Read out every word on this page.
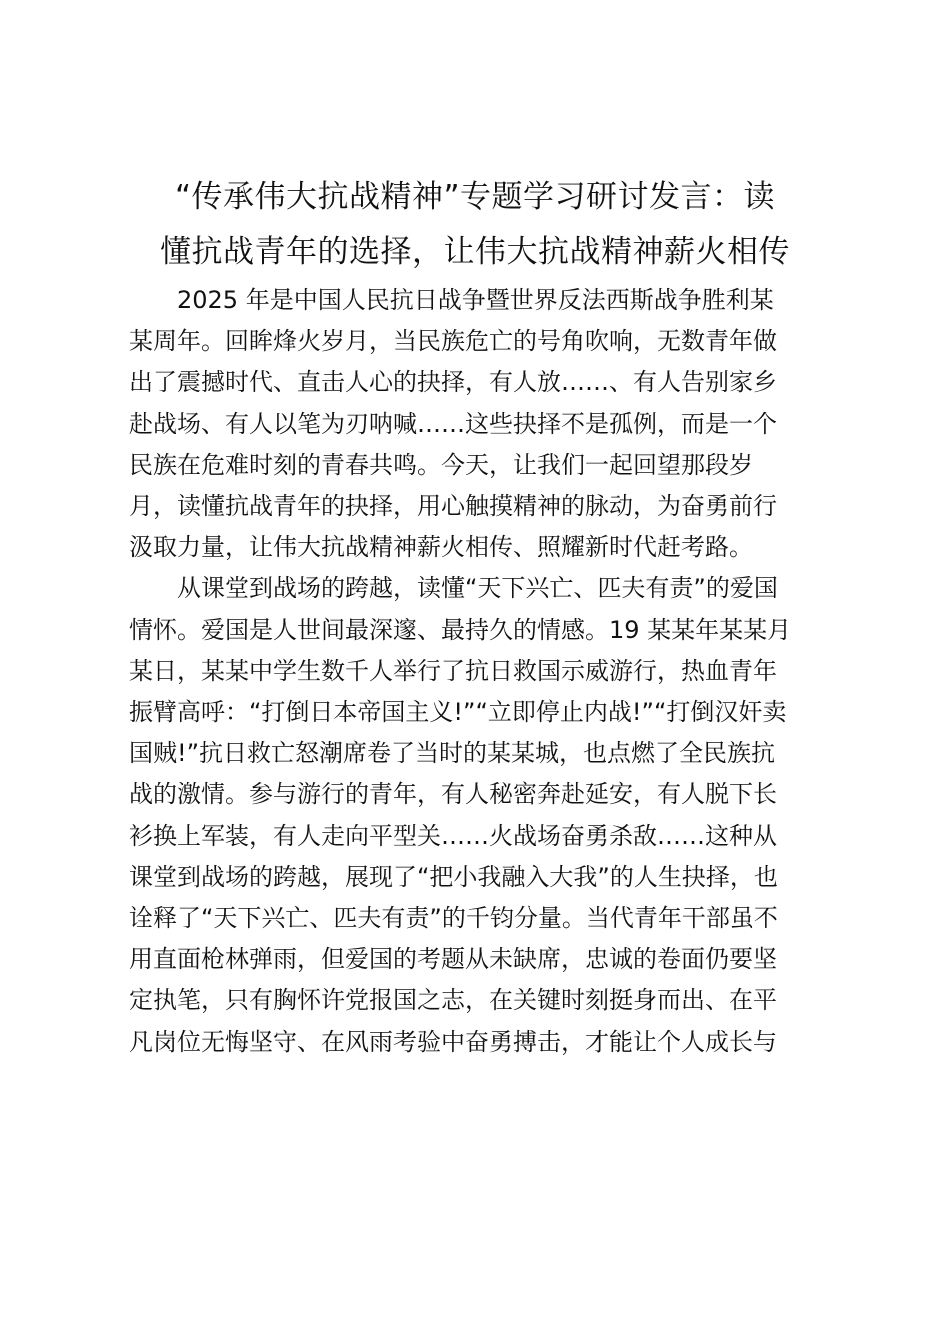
“传承伟大抗战精神”专题学习研讨发言：读
懂抗战青年的选择，让伟大抗战精神薪火相传

2025 年是中国人民抗日战争暨世界反法西斯战争胜利某
某周年。回眸烽火岁月，当民族危亡的号角吹响，无数青年做
出了震撼时代、直击人心的抉择，有人放……、有人告别家乡
赴战场、有人以笔为刃呐喊……这些抉择不是孤例，而是一个
民族在危难时刻的青春共鸣。今天，让我们一起回望那段岁
月，读懂抗战青年的抉择，用心触摸精神的脉动，为奋勇前行
汲取力量，让伟大抗战精神薪火相传、照耀新时代赶考路。

从课堂到战场的跨越，读懂“天下兴亡、匹夫有责”的爱国
情怀。爱国是人世间最深邃、最持久的情感。19 某某年某某月
某日，某某中学生数千人举行了抗日救国示威游行，热血青年
振臂高呼：“打倒日本帝国主义!”“立即停止内战!”“打倒汉奸卖
国贼!”抗日救亡怒潮席卷了当时的某某城，也点燃了全民族抗
战的激情。参与游行的青年，有人秘密奔赴延安，有人脱下长
衫换上军装，有人走向平型关……火战场奋勇杀敌……这种从
课堂到战场的跨越，展现了“把小我融入大我”的人生抉择，也
诠释了“天下兴亡、匹夫有责”的千钧分量。当代青年干部虽不
用直面枪林弹雨，但爱国的考题从未缺席，忠诚的卷面仍要坚
定执笔，只有胸怀许党报国之志，在关键时刻挺身而出、在平
凡岗位无悔坚守、在风雨考验中奋勇搏击，才能让个人成长与
